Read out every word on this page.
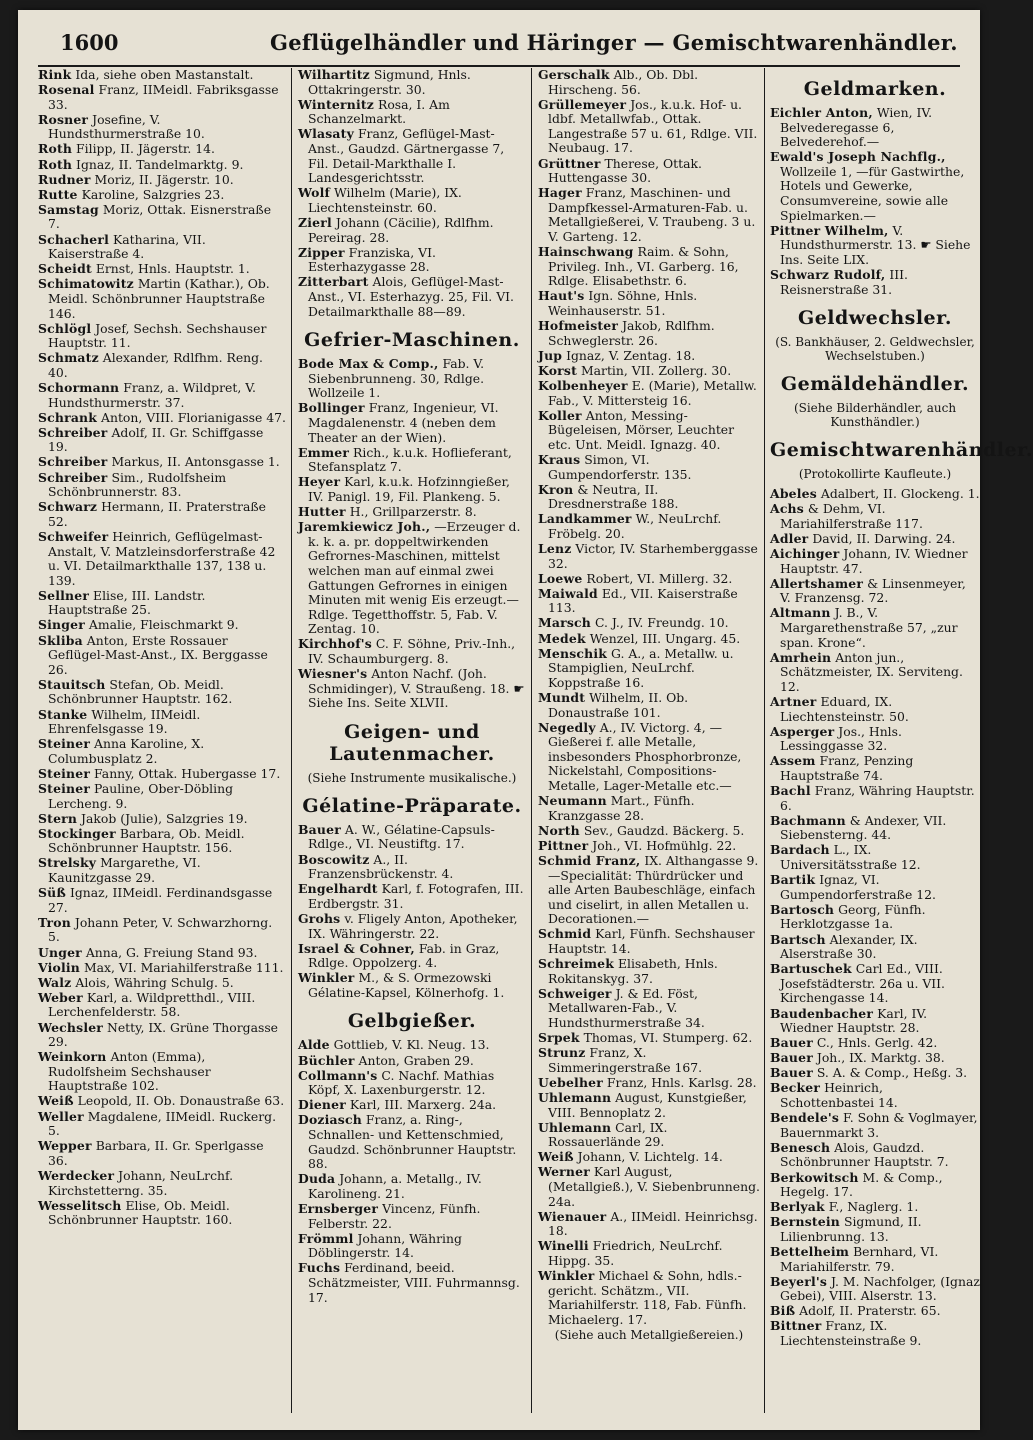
1600	Geflügelhändler und Häringer — Gemischtwarenhändler.
Rink Ida, siehe oben Mastanstalt.
Rosenal Franz, IIMeidl. Fabriksgasse 33.
Rosner Josefine, V. Hundsthurmerstraße 10.
Roth Filipp, II. Jägerstr. 14.
Roth Ignaz, II. Tandelmarktg. 9.
Rudner Moriz, II. Jägerstr. 10.
Rutte Karoline, Salzgries 23.
Samstag Moriz, Ottak. Eisnerstraße 7.
Schacherl Katharina, VII. Kaiserstraße 4.
Scheidt Ernst, Hnls. Hauptstr. 1.
Schimatowitz Martin (Kathar.), Ob. Meidl. Schönbrunner Hauptstraße 146.
Schlögl Josef, Sechsh. Sechshauser Hauptstr. 11.
Schmatz Alexander, Rdlfhm. Reng. 40.
Schormann Franz, a. Wildpret, V. Hundsthurmerstr. 37.
Schrank Anton, VIII. Florianigasse 47.
Schreiber Adolf, II. Gr. Schiffgasse 19.
Schreiber Markus, II. Antonsgasse 1.
Schreiber Sim., Rudolfsheim Schönbrunnerstr. 83.
Schwarz Hermann, II. Praterstraße 52.
Schweifer Heinrich, Geflügelmast-Anstalt, V. Matzleinsdorferstraße 42 u. VI. Detailmarkthalle 137, 138 u. 139.
Sellner Elise, III. Landstr. Hauptstraße 25.
Singer Amalie, Fleischmarkt 9.
Skliba Anton, Erste Rossauer Geflügel-Mast-Anst., IX. Berggasse 26.
Stauitsch Stefan, Ob. Meidl. Schönbrunner Hauptstr. 162.
Stanke Wilhelm, IIMeidl. Ehrenfelsgasse 19.
Steiner Anna Karoline, X. Columbusplatz 2.
Steiner Fanny, Ottak. Hubergasse 17.
Steiner Pauline, Ober-Döbling Lercheng. 9.
Stern Jakob (Julie), Salzgries 19.
Stockinger Barbara, Ob. Meidl. Schönbrunner Hauptstr. 156.
Strelsky Margarethe, VI. Kaunitzgasse 29.
Süß Ignaz, IIMeidl. Ferdinandsgasse 27.
Tron Johann Peter, V. Schwarzhorng. 5.
Unger Anna, G. Freiung Stand 93.
Violin Max, VI. Mariahilferstraße 111.
Walz Alois, Währing Schulg. 5.
Weber Karl, a. Wildpretthdl., VIII. Lerchenfelderstr. 58.
Wechsler Netty, IX. Grüne Thorgasse 29.
Weinkorn Anton (Emma), Rudolfsheim Sechshauser Hauptstraße 102.
Weiß Leopold, II. Ob. Donaustraße 63.
Weller Magdalene, IIMeidl. Ruckerg. 5.
Wepper Barbara, II. Gr. Sperlgasse 36.
Werdecker Johann, NeuLrchf. Kirchstetterng. 35.
Wesselitsch Elise, Ob. Meidl. Schönbrunner Hauptstr. 160.
Wilhartitz Sigmund, Hnls. Ottakringerstr. 30.
Winternitz Rosa, I. Am Schanzelmarkt.
Wlasaty Franz, Geflügel-Mast-Anst., Gaudzd. Gärtnergasse 7, Fil. Detail-Markthalle I. Landesgerichtsstr.
Wolf Wilhelm (Marie), IX. Liechtensteinstr. 60.
Zierl Johann (Cäcilie), Rdlfhm. Pereirag. 28.
Zipper Franziska, VI. Esterhazygasse 28.
Zitterbart Alois, Geflügel-Mast-Anst., VI. Esterhazyg. 25, Fil. VI. Detailmarkthalle 88—89.
Gefrier-Maschinen.
Bode Max & Comp., Fab. V. Siebenbrunneng. 30, Rdlge. Wollzeile 1.
Bollinger Franz, Ingenieur, VI. Magdalenenstr. 4 (neben dem Theater an der Wien).
Emmer Rich., k.u.k. Hoflieferant, Stefansplatz 7.
Heyer Karl, k.u.k. Hofzinngießer, IV. Panigl. 19, Fil. Plankeng. 5.
Hutter H., Grillparzerstr. 8.
Jaremkiewicz Joh., —Erzeuger d. k. k. a. pr. doppeltwirkenden Gefrornes-Maschinen, mittelst welchen man auf einmal zwei Gattungen Gefrornes in einigen Minuten mit wenig Eis erzeugt.— Rdlge. Tegetthoffstr. 5, Fab. V. Zentag. 10.
Kirchhof's C. F. Söhne, Priv.-Inh., IV. Schaumburgerg. 8.
Wiesner's Anton Nachf. (Joh. Schmidinger), V. Straußeng. 18. ☛ Siehe Ins. Seite XLVII.
Geigen- und Lautenmacher.
(Siehe Instrumente musikalische.)
Gélatine-Präparate.
Bauer A. W., Gélatine-Capsuls-Rdlge., VI. Neustiftg. 17.
Boscowitz A., II. Franzensbrückenstr. 4.
Engelhardt Karl, f. Fotografen, III. Erdbergstr. 31.
Grohs v. Fligely Anton, Apotheker, IX. Währingerstr. 22.
Israel & Cohner, Fab. in Graz, Rdlge. Oppolzerg. 4.
Winkler M., & S. Ormezowski Gélatine-Kapsel, Kölnerhofg. 1.
Gelbgießer.
Alde Gottlieb, V. Kl. Neug. 13.
Büchler Anton, Graben 29.
Collmann's C. Nachf. Mathias Köpf, X. Laxenburgerstr. 12.
Diener Karl, III. Marxerg. 24a.
Doziasch Franz, a. Ring-, Schnallen- und Kettenschmied, Gaudzd. Schönbrunner Hauptstr. 88.
Duda Johann, a. Metallg., IV. Karolineng. 21.
Ernsberger Vincenz, Fünfh. Felberstr. 22.
Frömml Johann, Währing Döblingerstr. 14.
Fuchs Ferdinand, beeid. Schätzmeister, VIII. Fuhrmannsg. 17.
Gerschalk Alb., Ob. Dbl. Hirscheng. 56.
Grüllemeyer Jos., k.u.k. Hof- u. ldbf. Metallwfab., Ottak. Langestraße 57 u. 61, Rdlge. VII. Neubaug. 17.
Grüttner Therese, Ottak. Huttengasse 30.
Hager Franz, Maschinen- und Dampfkessel-Armaturen-Fab. u. Metallgießerei, V. Traubeng. 3 u. V. Garteng. 12.
Hainschwang Raim. & Sohn, Privileg. Inh., VI. Garberg. 16, Rdlge. Elisabethstr. 6.
Haut's Ign. Söhne, Hnls. Weinhauserstr. 51.
Hofmeister Jakob, Rdlfhm. Schweglerstr. 26.
Jup Ignaz, V. Zentag. 18.
Korst Martin, VII. Zollerg. 30.
Kolbenheyer E. (Marie), Metallw. Fab., V. Mittersteig 16.
Koller Anton, Messing-Bügeleisen, Mörser, Leuchter etc. Unt. Meidl. Ignazg. 40.
Kraus Simon, VI. Gumpendorferstr. 135.
Kron & Neutra, II. Dresdnerstraße 188.
Landkammer W., NeuLrchf. Fröbelg. 20.
Lenz Victor, IV. Starhemberggasse 32.
Loewe Robert, VI. Millerg. 32.
Maiwald Ed., VII. Kaiserstraße 113.
Marsch C. J., IV. Freundg. 10.
Medek Wenzel, III. Ungarg. 45.
Menschik G. A., a. Metallw. u. Stampiglien, NeuLrchf. Koppstraße 16.
Mundt Wilhelm, II. Ob. Donaustraße 101.
Negedly A., IV. Victorg. 4, —Gießerei f. alle Metalle, insbesonders Phosphorbronze, Nickelstahl, Compositions-Metalle, Lager-Metalle etc.—
Neumann Mart., Fünfh. Kranzgasse 28.
North Sev., Gaudzd. Bäckerg. 5.
Pittner Joh., VI. Hofmühlg. 22.
Schmid Franz, IX. Althangasse 9. —Specialität: Thürdrücker und alle Arten Baubeschläge, einfach und ciselirt, in allen Metallen u. Decorationen.—
Schmid Karl, Fünfh. Sechshauser Hauptstr. 14.
Schreimek Elisabeth, Hnls. Rokitanskyg. 37.
Schweiger J. & Ed. Föst, Metallwaren-Fab., V. Hundsthurmerstraße 34.
Srpek Thomas, VI. Stumperg. 62.
Strunz Franz, X. Simmeringerstraße 167.
Uebelher Franz, Hnls. Karlsg. 28.
Uhlemann August, Kunstgießer, VIII. Bennoplatz 2.
Uhlemann Carl, IX. Rossauerlände 29.
Weiß Johann, V. Lichtelg. 14.
Werner Karl August, (Metallgieß.), V. Siebenbrunneng. 24a.
Wienauer A., IIMeidl. Heinrichsg. 18.
Winelli Friedrich, NeuLrchf. Hippg. 35.
Winkler Michael & Sohn, hdls.-gericht. Schätzm., VII. Mariahilferstr. 118, Fab. Fünfh. Michaelerg. 17.
(Siehe auch Metallgießereien.)
Geldmarken.
Eichler Anton, Wien, IV. Belvederegasse 6, Belvederehof.—
Ewald's Joseph Nachflg., Wollzeile 1, —für Gastwirthe, Hotels und Gewerke, Consumvereine, sowie alle Spielmarken.—
Pittner Wilhelm, V. Hundsthurmerstr. 13. ☛ Siehe Ins. Seite LIX.
Schwarz Rudolf, III. Reisnerstraße 31.
Geldwechsler.
(S. Bankhäuser, 2. Geldwechsler, Wechselstuben.)
Gemäldehändler.
(Siehe Bilderhändler, auch Kunsthändler.)
Gemischtwarenhändler.
(Protokollirte Kaufleute.)
Abeles Adalbert, II. Glockeng. 1.
Achs & Dehm, VI. Mariahilferstraße 117.
Adler David, II. Darwing. 24.
Aichinger Johann, IV. Wiedner Hauptstr. 47.
Allertshamer & Linsenmeyer, V. Franzensg. 72.
Altmann J. B., V. Margarethenstraße 57, „zur span. Krone“.
Amrhein Anton jun., Schätzmeister, IX. Serviteng. 12.
Artner Eduard, IX. Liechtensteinstr. 50.
Asperger Jos., Hnls. Lessinggasse 32.
Assem Franz, Penzing Hauptstraße 74.
Bachl Franz, Währing Hauptstr. 6.
Bachmann & Andexer, VII. Siebensterng. 44.
Bardach L., IX. Universitätsstraße 12.
Bartik Ignaz, VI. Gumpendorferstraße 12.
Bartosch Georg, Fünfh. Herklotzgasse 1a.
Bartsch Alexander, IX. Alserstraße 30.
Bartuschek Carl Ed., VIII. Josefstädterstr. 26a u. VII. Kirchengasse 14.
Baudenbacher Karl, IV. Wiedner Hauptstr. 28.
Bauer C., Hnls. Gerlg. 42.
Bauer Joh., IX. Marktg. 38.
Bauer S. A. & Comp., Heßg. 3.
Becker Heinrich, Schottenbastei 14.
Bendele's F. Sohn & Voglmayer, Bauernmarkt 3.
Benesch Alois, Gaudzd. Schönbrunner Hauptstr. 7.
Berkowitsch M. & Comp., Hegelg. 17.
Berlyak F., Naglerg. 1.
Bernstein Sigmund, II. Lilienbrunng. 13.
Bettelheim Bernhard, VI. Mariahilferstr. 79.
Beyerl's J. M. Nachfolger, (Ignaz Gebei), VIII. Alserstr. 13.
Biß Adolf, II. Praterstr. 65.
Bittner Franz, IX. Liechtensteinstraße 9.
